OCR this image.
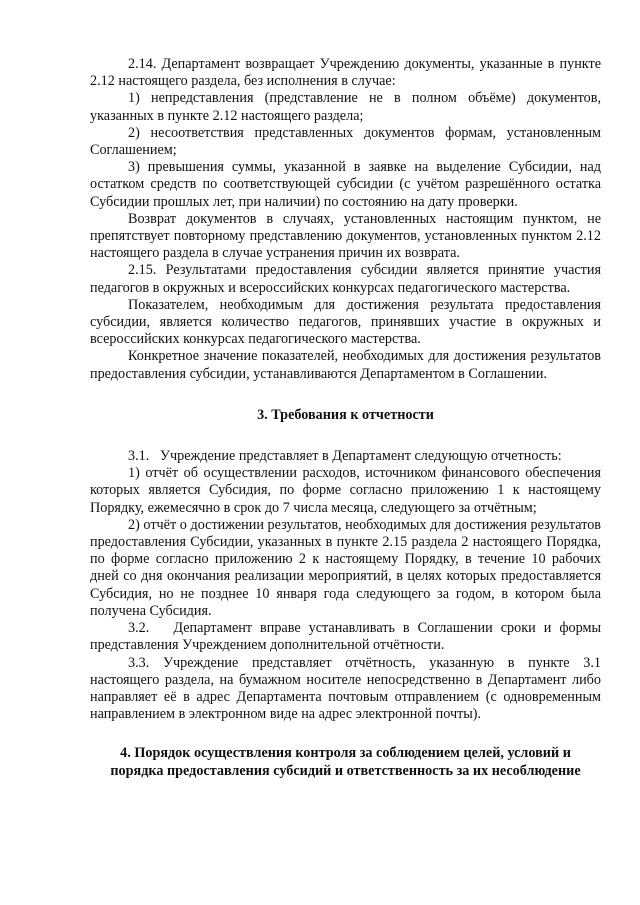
2.14. Департамент возвращает Учреждению документы, указанные в пункте 2.12 настоящего раздела, без исполнения в случае:

1) непредставления (представление не в полном объёме) документов, указанных в пункте 2.12 настоящего раздела;

2) несоответствия представленных документов формам, установленным Соглашением;

3) превышения суммы, указанной в заявке на выделение Субсидии, над остатком средств по соответствующей субсидии (с учётом разрешённого остатка Субсидии прошлых лет, при наличии) по состоянию на дату проверки.

Возврат документов в случаях, установленных настоящим пунктом, не препятствует повторному представлению документов, установленных пунктом 2.12 настоящего раздела в случае устранения причин их возврата.

2.15. Результатами предоставления субсидии является принятие участия педагогов в окружных и всероссийских конкурсах педагогического мастерства.

Показателем, необходимым для достижения результата предоставления субсидии, является количество педагогов, принявших участие в окружных и всероссийских конкурсах педагогического мастерства.

Конкретное значение показателей, необходимых для достижения результатов предоставления субсидии, устанавливаются Департаментом в Соглашении.

3. Требования к отчетности

3.1.   Учреждение представляет в Департамент следующую отчетность:

1) отчёт об осуществлении расходов, источником финансового обеспечения которых является Субсидия, по форме согласно приложению 1 к настоящему Порядку, ежемесячно в срок до 7 числа месяца, следующего за отчётным;

2) отчёт о достижении результатов, необходимых для достижения результатов предоставления Субсидии, указанных в пункте 2.15 раздела 2 настоящего Порядка, по форме согласно приложению 2 к настоящему Порядку, в течение 10 рабочих дней со дня окончания реализации мероприятий, в целях которых предоставляется Субсидия, но не позднее 10 января года следующего за годом, в котором была получена Субсидия.

3.2.   Департамент вправе устанавливать в Соглашении сроки и формы представления Учреждением дополнительной отчётности.

3.3. Учреждение представляет отчётность, указанную в пункте 3.1 настоящего раздела, на бумажном носителе непосредственно в Департамент либо направляет её в адрес Департамента почтовым отправлением (с одновременным направлением в электронном виде на адрес электронной почты).

4. Порядок осуществления контроля за соблюдением целей, условий и
порядка предоставления субсидий и ответственность за их несоблюдение
